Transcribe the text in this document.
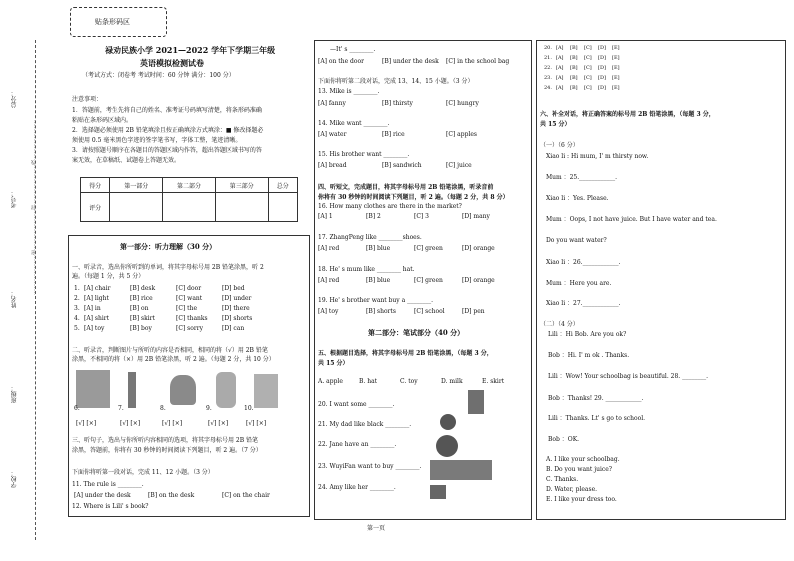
贴条形码区
……………………密……………………封……………………线……………………
总分：
考号：
姓名：
班级：
学校：
禄劝民族小学 2021—2022 学年下学期三年级
英语模拟检测试卷
（考试方式：闭卷考 考试时间：60 分钟 满分：100 分）
注意事项：
1．答题前，考生先将自己的姓名、准考证号码填写清楚，将条形码准确
粘贴在条形码区域内。
2．选择题必须使用 2B 铅笔填涂且按正确填涂方式填涂：■ 修改择题必
须使用 0.5 毫米黑色字迹的签字笔书写，字体工整，笔迹清晰。
3．请按照题号顺序在各题目的答题区域内作答，超出答题区域书写的答
案无效，在草稿纸、试题卷上答题无效。
得分	第一部分	第二部分	第三部分	总分
评分				
第一部分：听力理解（30 分）
一、听录音，选出你所听到的单词，将其字母标号用 2B 铅笔涂黑，听 2
遍。（每题 1 分，共 5 分）
1. [A] chair	[B] desk	[C] door	[D] bed
2. [A] light	[B] rice	[C] want	[D] under
3. [A] in	[B] on	[C] the	[D] there
4. [A] shirt	[B] skirt	[C] thanks [D] shorts
5. [A] toy	[B] boy	[C] sorry	[D] can
二、听录音，判断图片与所听的内容是否相同，相同的将（√）用 2B 铅笔
涂黑，不相同的将（×）用 2B 铅笔涂黑，听 2 遍。（每题 2 分，共 10 分）
6.	7.	8.	9.	10.
[√] [×]	[√] [×]	[√] [×]	[√] [×]	[√] [×]
三、听句子，选出与你所听内容相同的选项，将其字母标号用 2B 铅笔
涂黑，答题前，你将有 30 秒钟的时间阅读下列题目，听 2 遍。（7 分）
下面你将听第一段对话，完成 11、12 小题。（3 分）
11. The rule is ________.
[A] under the desk	[B] on the desk	[C] on the chair
12. Where is Lili' s book?
—It' s ________.
[A] on the door	[B] under the desk [C] in the school bag
下面你将听第二段对话，完成 13、14、15 小题。（3 分）
13. Mike is ________.
[A] fanny	[B] thirsty	[C] hungry
14. Mike want ________.
[A] water	[B] rice	[C] apples
15. His brother want ________.
[A] bread	[B] sandwich	[C] juice
四、听短文，完成题目，将其字母标号用 2B 铅笔涂黑，听录音前
你将有 30 秒钟的时间阅读下列题目，听 2 遍。（每题 2 分，共 8 分）
16. How many clothes are there in the market?
[A] 1	[B] 2	[C] 3	[D] many
17. ZhangPeng like ________shoes.
[A] red	[B] blue	[C] green	[D] orange
18. He' s mum like ________ hat.
[A] red	[B] blue	[C] green	[D] orange
19. He' s brother want buy a ________.
[A] toy	[B] shorts	[C] school	[D] pen
第二部分：笔试部分（40 分）
五、根据题目选择，将其字母标号用 2B 铅笔涂黑，（每题 3 分，
共 15 分）
A. apple	B. hat	C. toy	D. milk	E. skirt
20. I want some ________.
21. My dad like black ________.
22. Jane have an ________.
23. WuyiFan want to buy ________.
24. Amy like her ________.
第一页
20. [A] [B] [C] [D] [E]
21. [A] [B] [C] [D] [E]
22. [A] [B] [C] [D] [E]
23. [A] [B] [C] [D] [E]
24. [A] [B] [C] [D] [E]
六、补全对话，将正确答案的标号用 2B 铅笔涂黑，（每题 3 分，
共 15 分）
（一）（6 分）
Xiao li : Hi mum, I' m thirsty now.
Mum ：25.____________.
Xiao li ：Yes. Please.
Mum ：Oops, I not have juice. But I have water and tea.
Do you want water?
Xiao li ：26.____________.
Mum ：Here you are.
Xiao li ：27.____________.
（二）（4 分）
Lili ：Hi Bob. Are you ok?
Bob ：Hi. I' m ok . Thanks.
Lili ：Wow! Your schoolbag is beautiful. 28. ________.
Bob ：Thanks! 29. ____________.
Lili ：Thanks. Lt' s go to school.
Bob ：OK.
A. I like your schoolbag.
B. Do you want juice?
C. Thanks.
D. Water, please.
E. I like your dress too.
